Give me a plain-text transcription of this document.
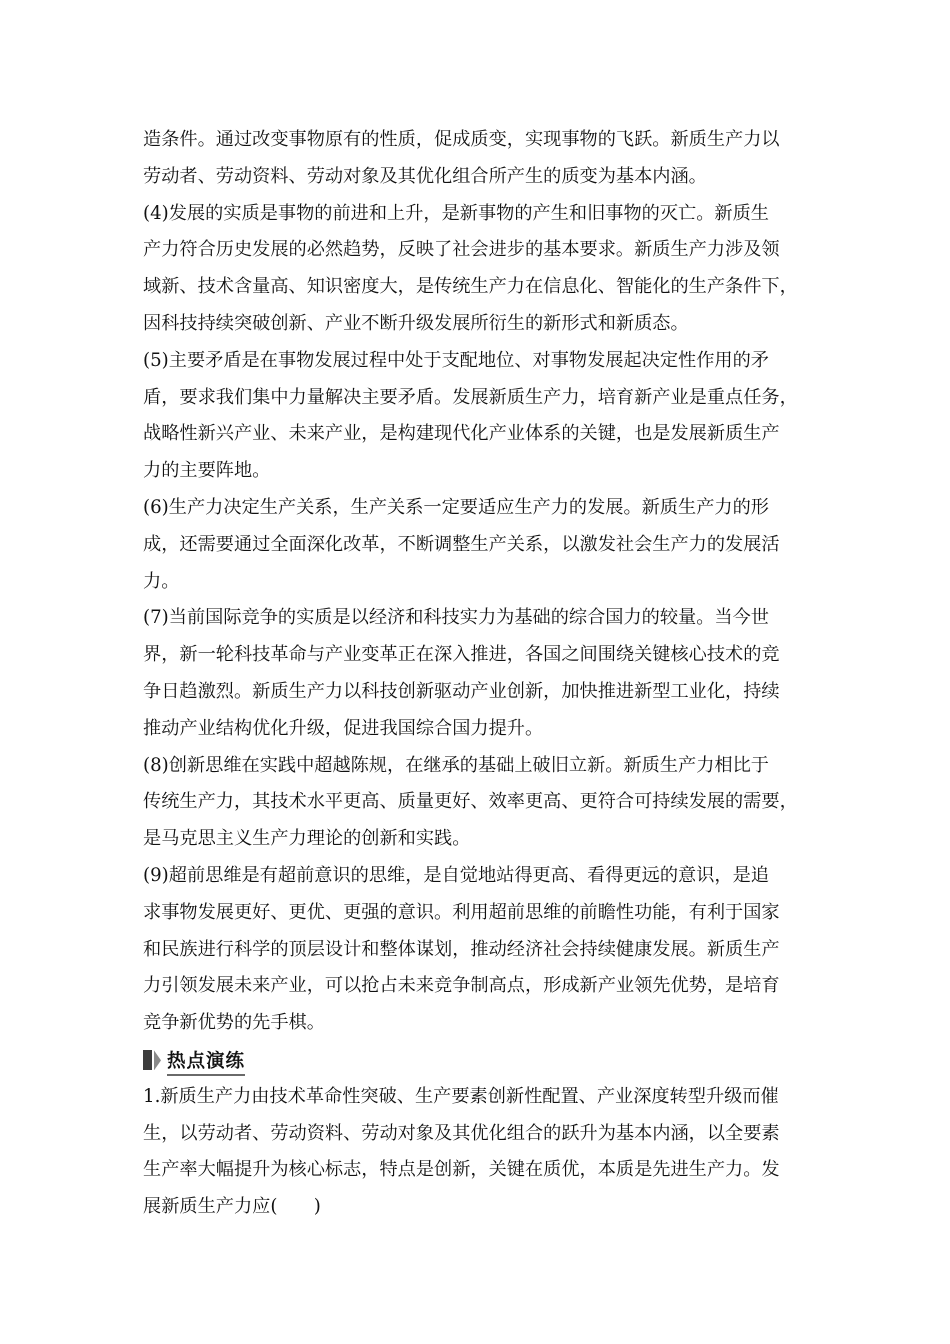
造条件。通过改变事物原有的性质，促成质变，实现事物的飞跃。新质生产力以
劳动者、劳动资料、劳动对象及其优化组合所产生的质变为基本内涵。
(4)发展的实质是事物的前进和上升，是新事物的产生和旧事物的灭亡。新质生
产力符合历史发展的必然趋势，反映了社会进步的基本要求。新质生产力涉及领
域新、技术含量高、知识密度大，是传统生产力在信息化、智能化的生产条件下，
因科技持续突破创新、产业不断升级发展所衍生的新形式和新质态。
(5)主要矛盾是在事物发展过程中处于支配地位、对事物发展起决定性作用的矛
盾，要求我们集中力量解决主要矛盾。发展新质生产力，培育新产业是重点任务，
战略性新兴产业、未来产业，是构建现代化产业体系的关键，也是发展新质生产
力的主要阵地。
(6)生产力决定生产关系，生产关系一定要适应生产力的发展。新质生产力的形
成，还需要通过全面深化改革，不断调整生产关系，以激发社会生产力的发展活
力。
(7)当前国际竞争的实质是以经济和科技实力为基础的综合国力的较量。当今世
界，新一轮科技革命与产业变革正在深入推进，各国之间围绕关键核心技术的竞
争日趋激烈。新质生产力以科技创新驱动产业创新，加快推进新型工业化，持续
推动产业结构优化升级，促进我国综合国力提升。
(8)创新思维在实践中超越陈规，在继承的基础上破旧立新。新质生产力相比于
传统生产力，其技术水平更高、质量更好、效率更高、更符合可持续发展的需要，
是马克思主义生产力理论的创新和实践。
(9)超前思维是有超前意识的思维，是自觉地站得更高、看得更远的意识，是追
求事物发展更好、更优、更强的意识。利用超前思维的前瞻性功能，有利于国家
和民族进行科学的顶层设计和整体谋划，推动经济社会持续健康发展。新质生产
力引领发展未来产业，可以抢占未来竞争制高点，形成新产业领先优势，是培育
竞争新优势的先手棋。
热点演练
1.新质生产力由技术革命性突破、生产要素创新性配置、产业深度转型升级而催
生，以劳动者、劳动资料、劳动对象及其优化组合的跃升为基本内涵，以全要素
生产率大幅提升为核心标志，特点是创新，关键在质优，本质是先进生产力。发
展新质生产力应(　　)
